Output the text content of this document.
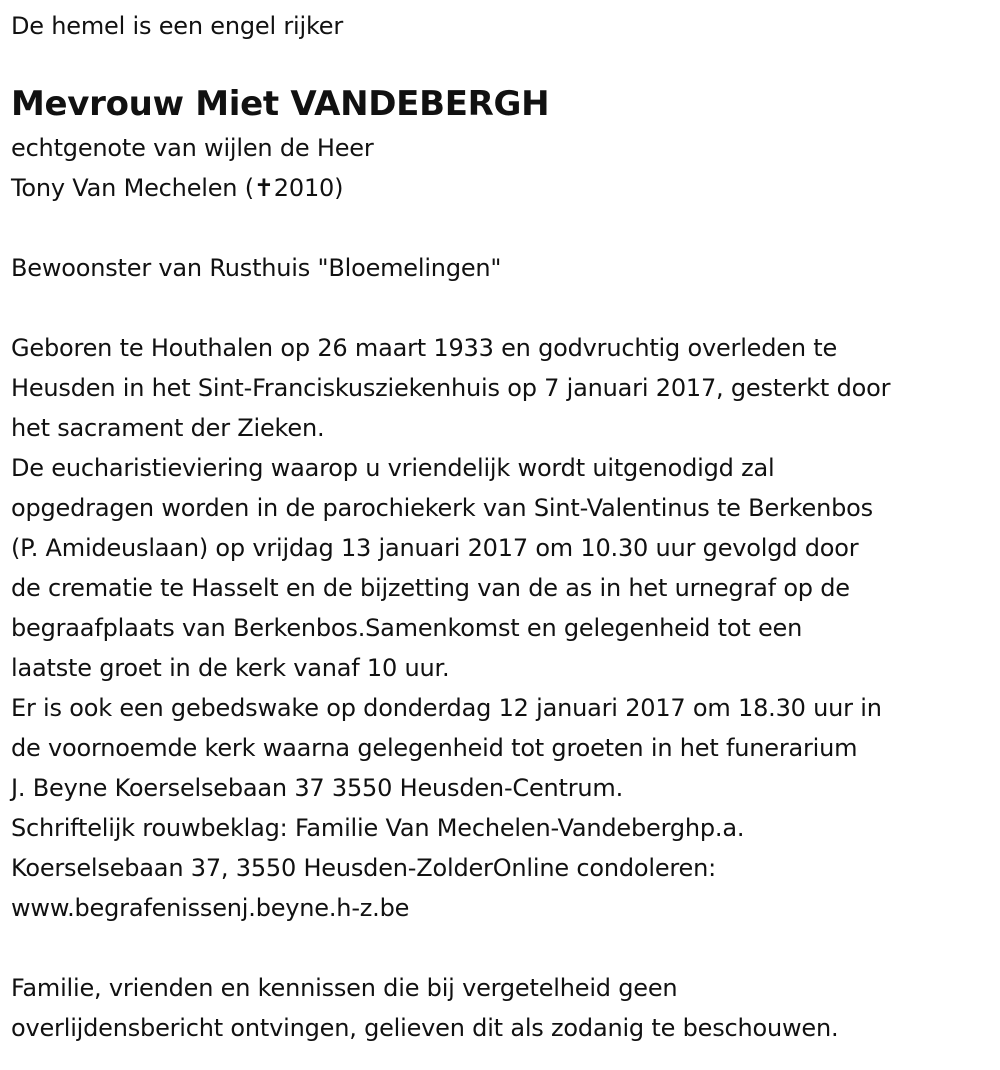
De hemel is een engel rijker
Mevrouw Miet VANDEBERGH
echtgenote van wijlen de Heer
Tony Van Mechelen (✝2010)
Bewoonster van Rusthuis "Bloemelingen"
Geboren te Houthalen op 26 maart 1933 en godvruchtig overleden te
Heusden in het Sint-Franciskusziekenhuis op 7 januari 2017, gesterkt door
het sacrament der Zieken.
De eucharistieviering waarop u vriendelijk wordt uitgenodigd zal
opgedragen worden in de parochiekerk van Sint-Valentinus te Berkenbos
(P. Amideuslaan) op vrijdag 13 januari 2017 om 10.30 uur gevolgd door
de crematie te Hasselt en de bijzetting van de as in het urnegraf op de
begraafplaats van Berkenbos.Samenkomst en gelegenheid tot een
laatste groet in de kerk vanaf 10 uur.
Er is ook een gebedswake op donderdag 12 januari 2017 om 18.30 uur in
de voornoemde kerk waarna gelegenheid tot groeten in het funerarium
J. Beyne Koerselsebaan 37 3550 Heusden-Centrum.
Schriftelijk rouwbeklag: Familie Van Mechelen-Vandeberghp.a.
Koerselsebaan 37, 3550 Heusden-ZolderOnline condoleren:
www.begrafenissenj.beyne.h-z.be
Familie, vrienden en kennissen die bij vergetelheid geen
overlijdensbericht ontvingen, gelieven dit als zodanig te beschouwen.
